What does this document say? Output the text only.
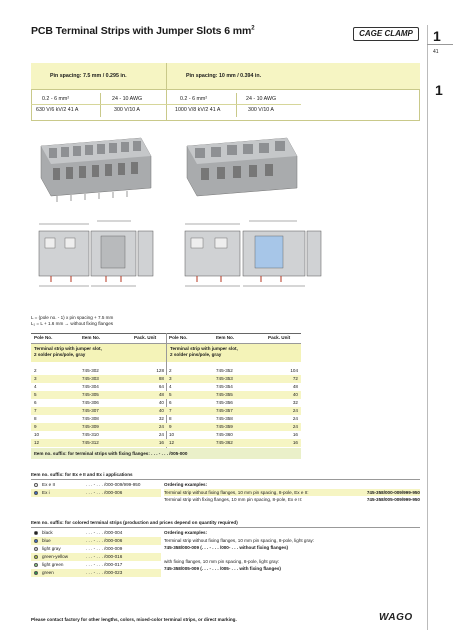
PCB Terminal Strips with Jumper Slots 6 $mm^2$
CAGE CLAMP	1
41
1
Pin spacing: 7.5 mm / 0.295 in.	Pin spacing: 10 mm / 0.394 in.
0.2 - 6 mm²	24 - 10 AWG
630 V/6 kV/2 41 A	300 V/10 A
0.2 - 6 mm²	24 - 10 AWG
1000 V/8 kV/2 41 A	300 V/10 A
L = (pole no. - 1) x pin spacing + 7.5 mm
L₁ = L + 1.6 mm → without fixing flanges
Pole No.	Item No.	Pack. Unit	Pole No.	Item No.	Pack. Unit
Terminal strip with jumper slot,
2 solder pins/pole, gray
Terminal strip with jumper slot,
2 solder pins/pole, gray
2	745-302	128 2	745-352	104
3	745-303	88 3	745-353	72
4	745-304	64 4	745-354	48
5	745-305	48 5	745-355	40
6	745-306	40 6	745-356	32
7	745-307	40 7	745-357	24
8	745-308	32 8	745-358	24
9	745-309	24 9	745-359	24
10	745-310	24 10	745-360	16
12	745-312	16 12	745-362	16
Item no. suffix: for terminal strips with fixing flanges: . . . - . . . /005-000
Item no. suffix: for Ex e II and Ex i applications
Ex e II	. . . - . . . /000-009/999-950
Ex i	. . . - . . . /000-006
Ordering examples:
Terminal strip without fixing flanges, 10 mm pin spacing, 8-pole, Ex e II:	745-358/000-009/999-950
Terminal strip with fixing flanges, 10 mm pin spacing, 8-pole, Ex e II:	745-358/005-009/999-950
Item no. suffix: for colored terminal strips (production and prices depend on quantity required)
black	. . . - . . . /000-004
blue	. . . - . . . /000-006
light gray	. . . - . . . /000-009
green-yellow	. . . - . . . /000-016
light green	. . . - . . . /000-017
green	. . . - . . . /000-023
Ordering examples:
Terminal strip without fixing flanges, 10 mm pin spacing, 8-pole, light gray:
745-358/000-009 (. . . - . . . /000- . . . without fixing flanges)
with fixing flanges, 10 mm pin spacing, 8-pole, light gray:
745-358/005-009 (. . . - . . . /005- . . . with fixing flanges)
Please contact factory for other lengths, colors, mixed-color terminal strips, or direct marking.	WAGO
